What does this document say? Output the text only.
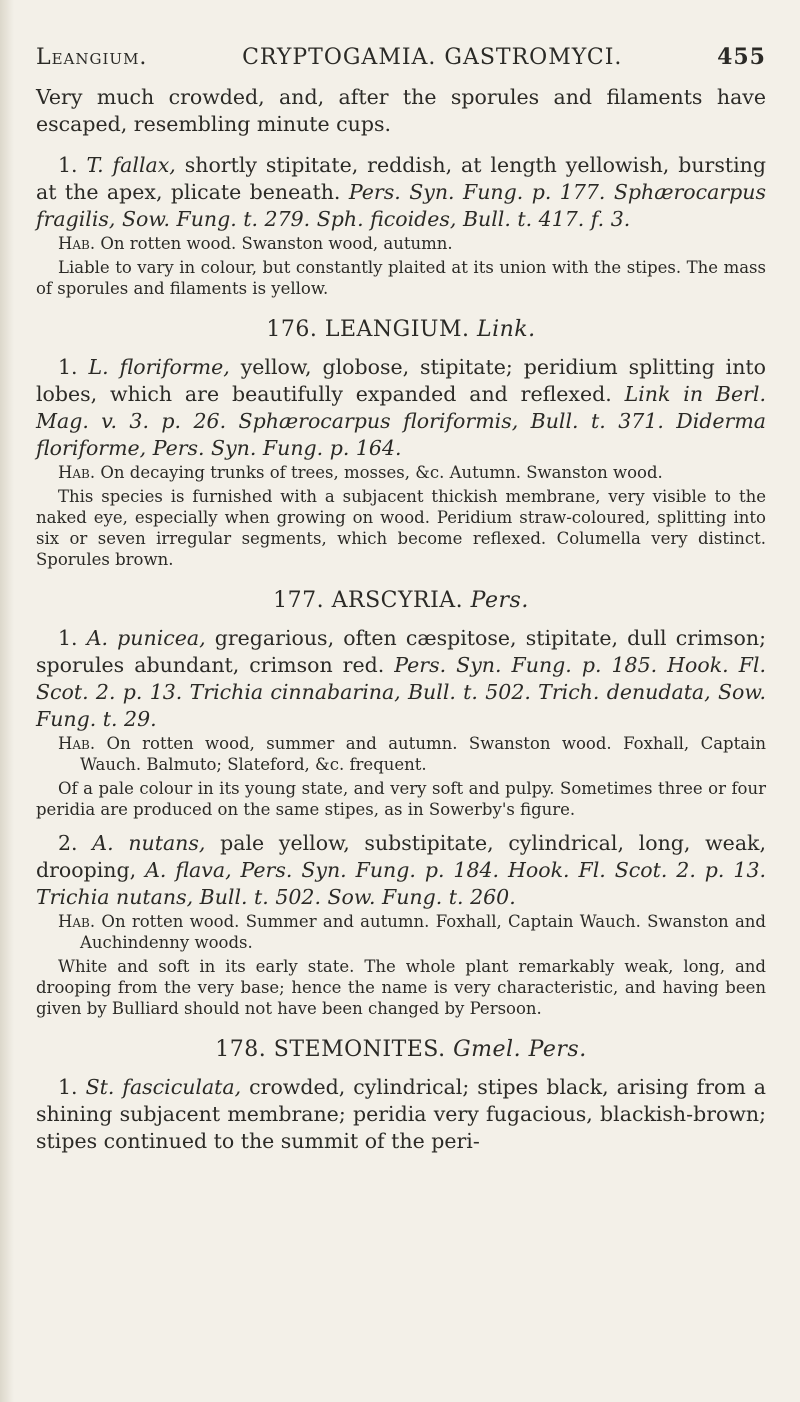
Leangium.	CRYPTOGAMIA. GASTROMYCI.	455

Very much crowded, and, after the sporules and filaments have escaped, resembling minute cups.

1. T. fallax, shortly stipitate, reddish, at length yellowish, bursting at the apex, plicate beneath. Pers. Syn. Fung. p. 177. Sphærocarpus fragilis, Sow. Fung. t. 279. Sph. ficoides, Bull. t. 417. f. 3.

Hab. On rotten wood. Swanston wood, autumn.

Liable to vary in colour, but constantly plaited at its union with the stipes. The mass of sporules and filaments is yellow.

176. LEANGIUM. Link.

1. L. floriforme, yellow, globose, stipitate; peridium splitting into lobes, which are beautifully expanded and reflexed. Link in Berl. Mag. v. 3. p. 26. Sphærocarpus floriformis, Bull. t. 371. Diderma floriforme, Pers. Syn. Fung. p. 164.

Hab. On decaying trunks of trees, mosses, &c. Autumn. Swanston wood.

This species is furnished with a subjacent thickish membrane, very visible to the naked eye, especially when growing on wood. Peridium straw-coloured, splitting into six or seven irregular segments, which become reflexed. Columella very distinct. Sporules brown.

177. ARSCYRIA. Pers.

1. A. punicea, gregarious, often cæspitose, stipitate, dull crimson; sporules abundant, crimson red. Pers. Syn. Fung. p. 185. Hook. Fl. Scot. 2. p. 13. Trichia cinnabarina, Bull. t. 502. Trich. denudata, Sow. Fung. t. 29.

Hab. On rotten wood, summer and autumn. Swanston wood. Foxhall, Captain Wauch. Balmuto; Slateford, &c. frequent.

Of a pale colour in its young state, and very soft and pulpy. Sometimes three or four peridia are produced on the same stipes, as in Sowerby's figure.

2. A. nutans, pale yellow, substipitate, cylindrical, long, weak, drooping, A. flava, Pers. Syn. Fung. p. 184. Hook. Fl. Scot. 2. p. 13. Trichia nutans, Bull. t. 502. Sow. Fung. t. 260.

Hab. On rotten wood. Summer and autumn. Foxhall, Captain Wauch. Swanston and Auchindenny woods.

White and soft in its early state. The whole plant remarkably weak, long, and drooping from the very base; hence the name is very characteristic, and having been given by Bulliard should not have been changed by Persoon.

178. STEMONITES. Gmel. Pers.

1. St. fasciculata, crowded, cylindrical; stipes black, arising from a shining subjacent membrane; peridia very fugacious, blackish-brown; stipes continued to the summit of the peri-
